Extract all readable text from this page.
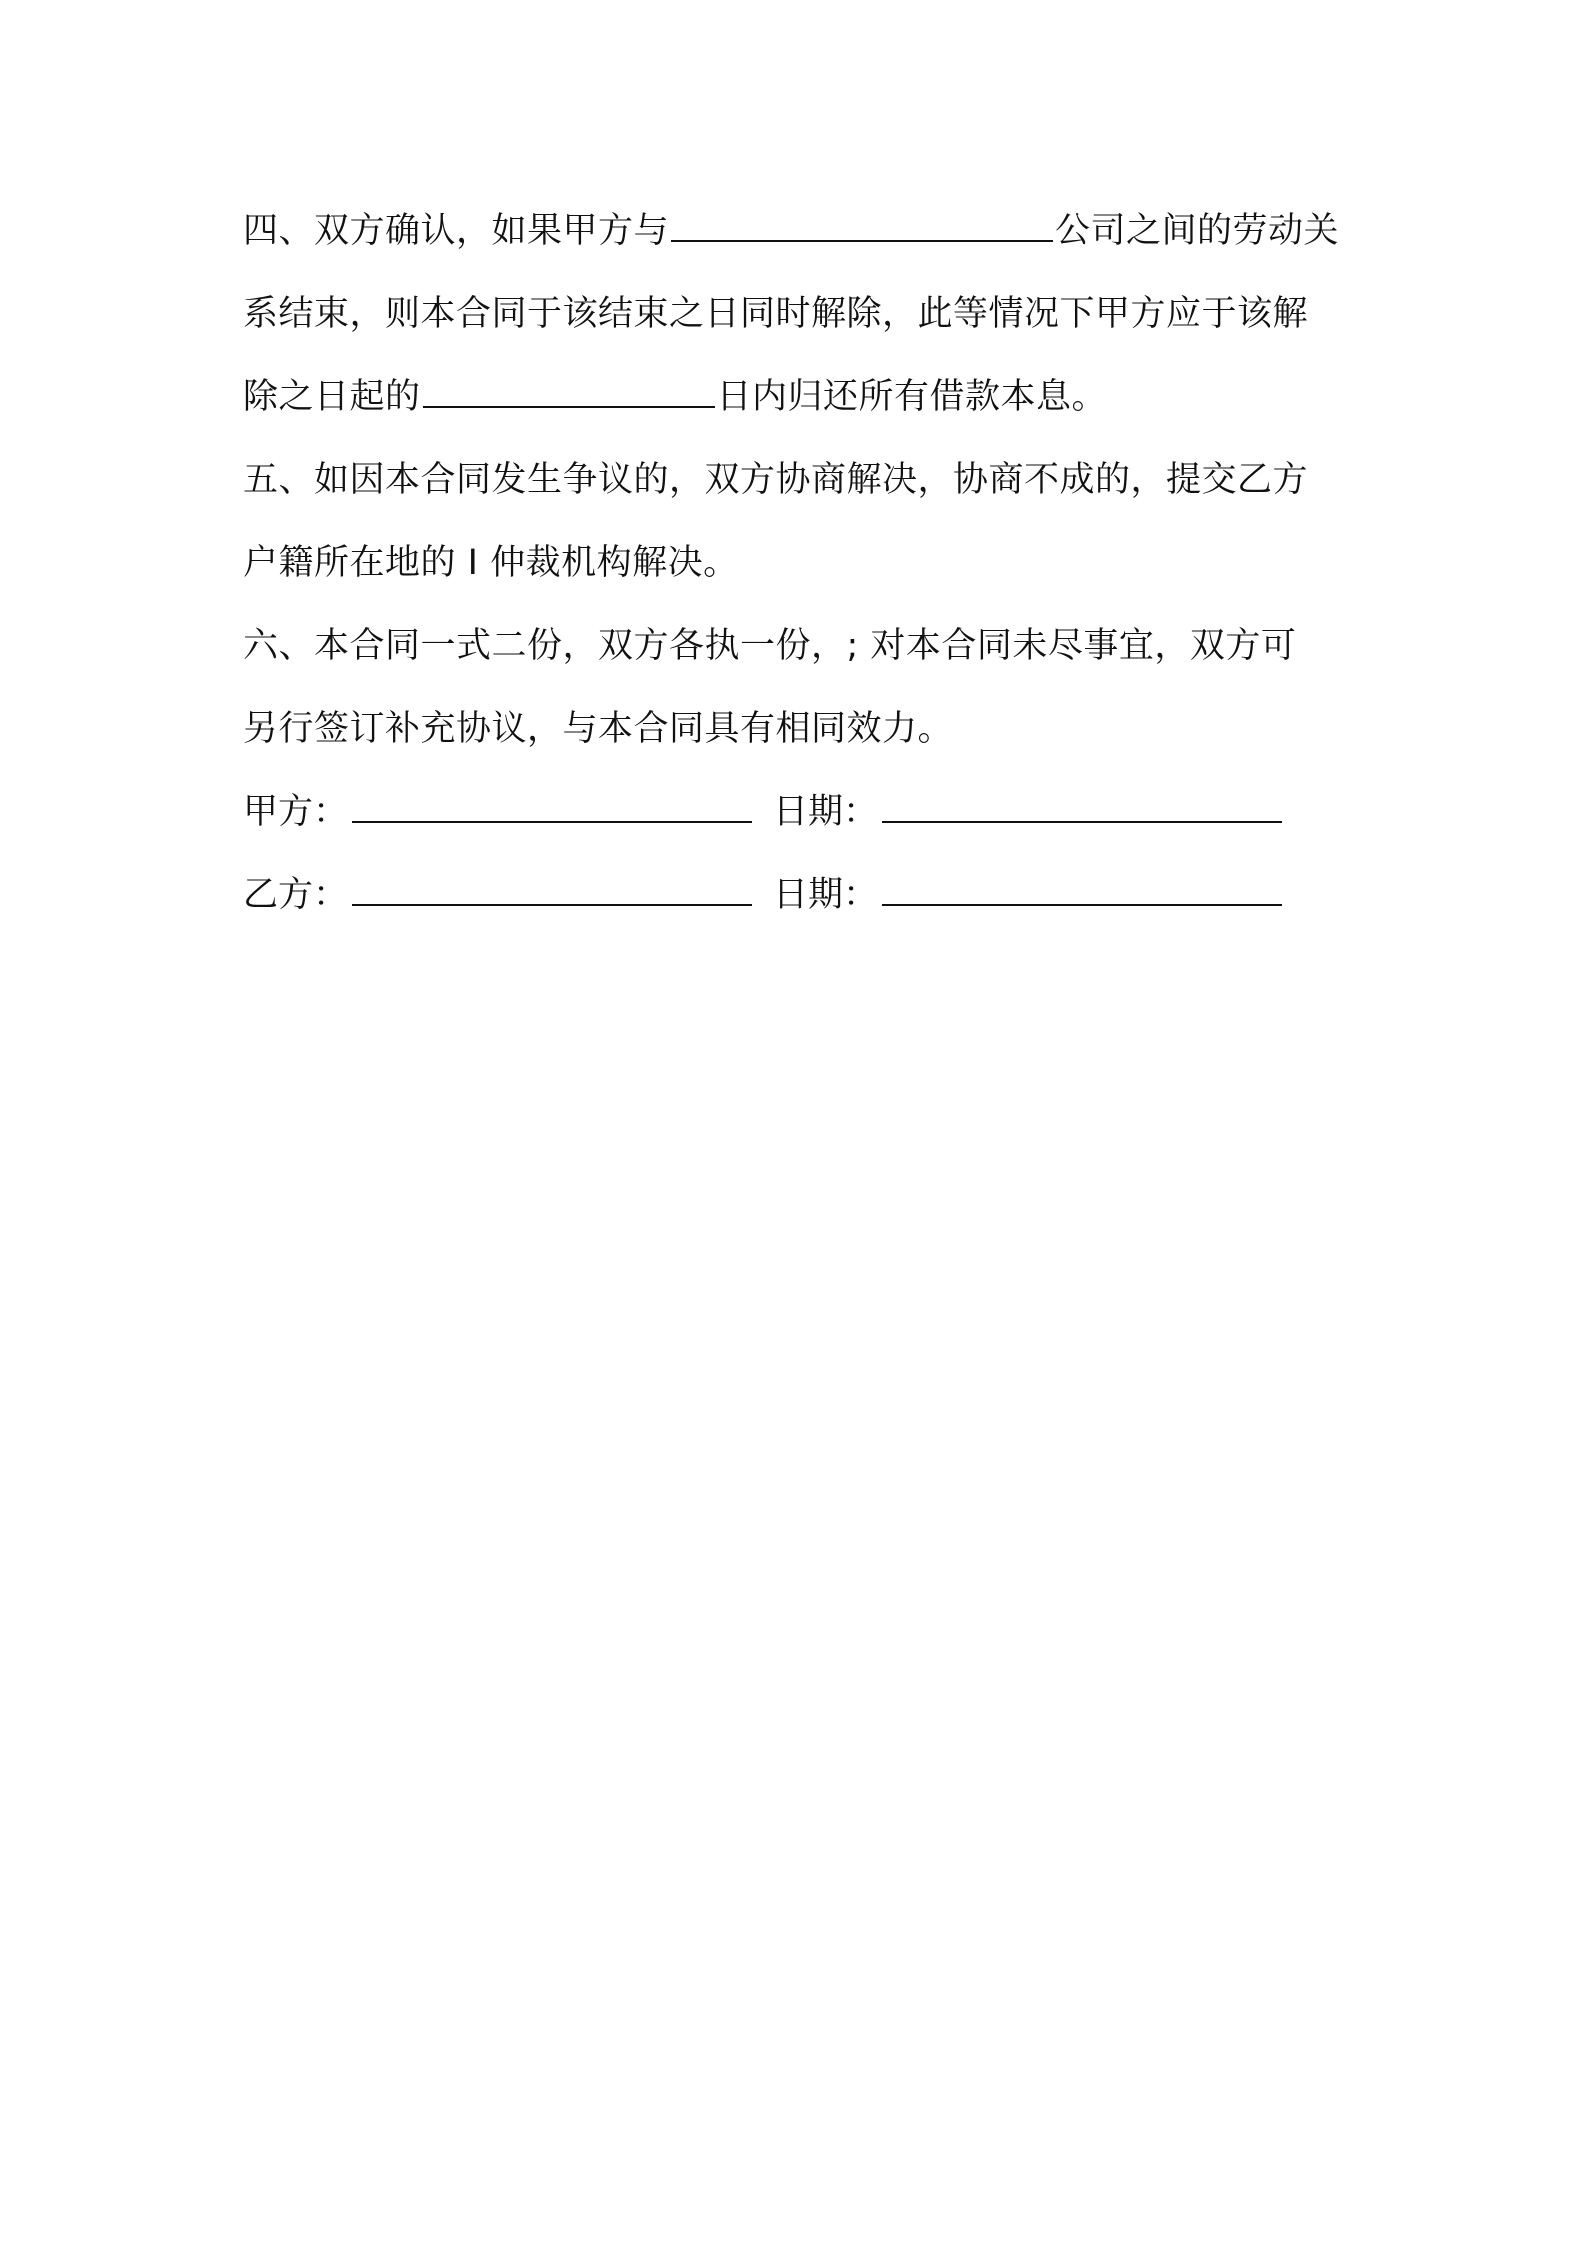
四、双方确认，如果甲方与	公司之间的劳动关
系结束，则本合同于该结束之日同时解除，此等情况下甲方应于该解
除之日起的	日内归还所有借款本息。
五、如因本合同发生争议的，双方协商解决，协商不成的，提交乙方
户籍所在地的 I 仲裁机构解决。
六、本合同一式二份，双方各执一份，; 对本合同未尽事宜，双方可
另行签订补充协议，与本合同具有相同效力。
甲方：	日期：
乙方：	日期：
